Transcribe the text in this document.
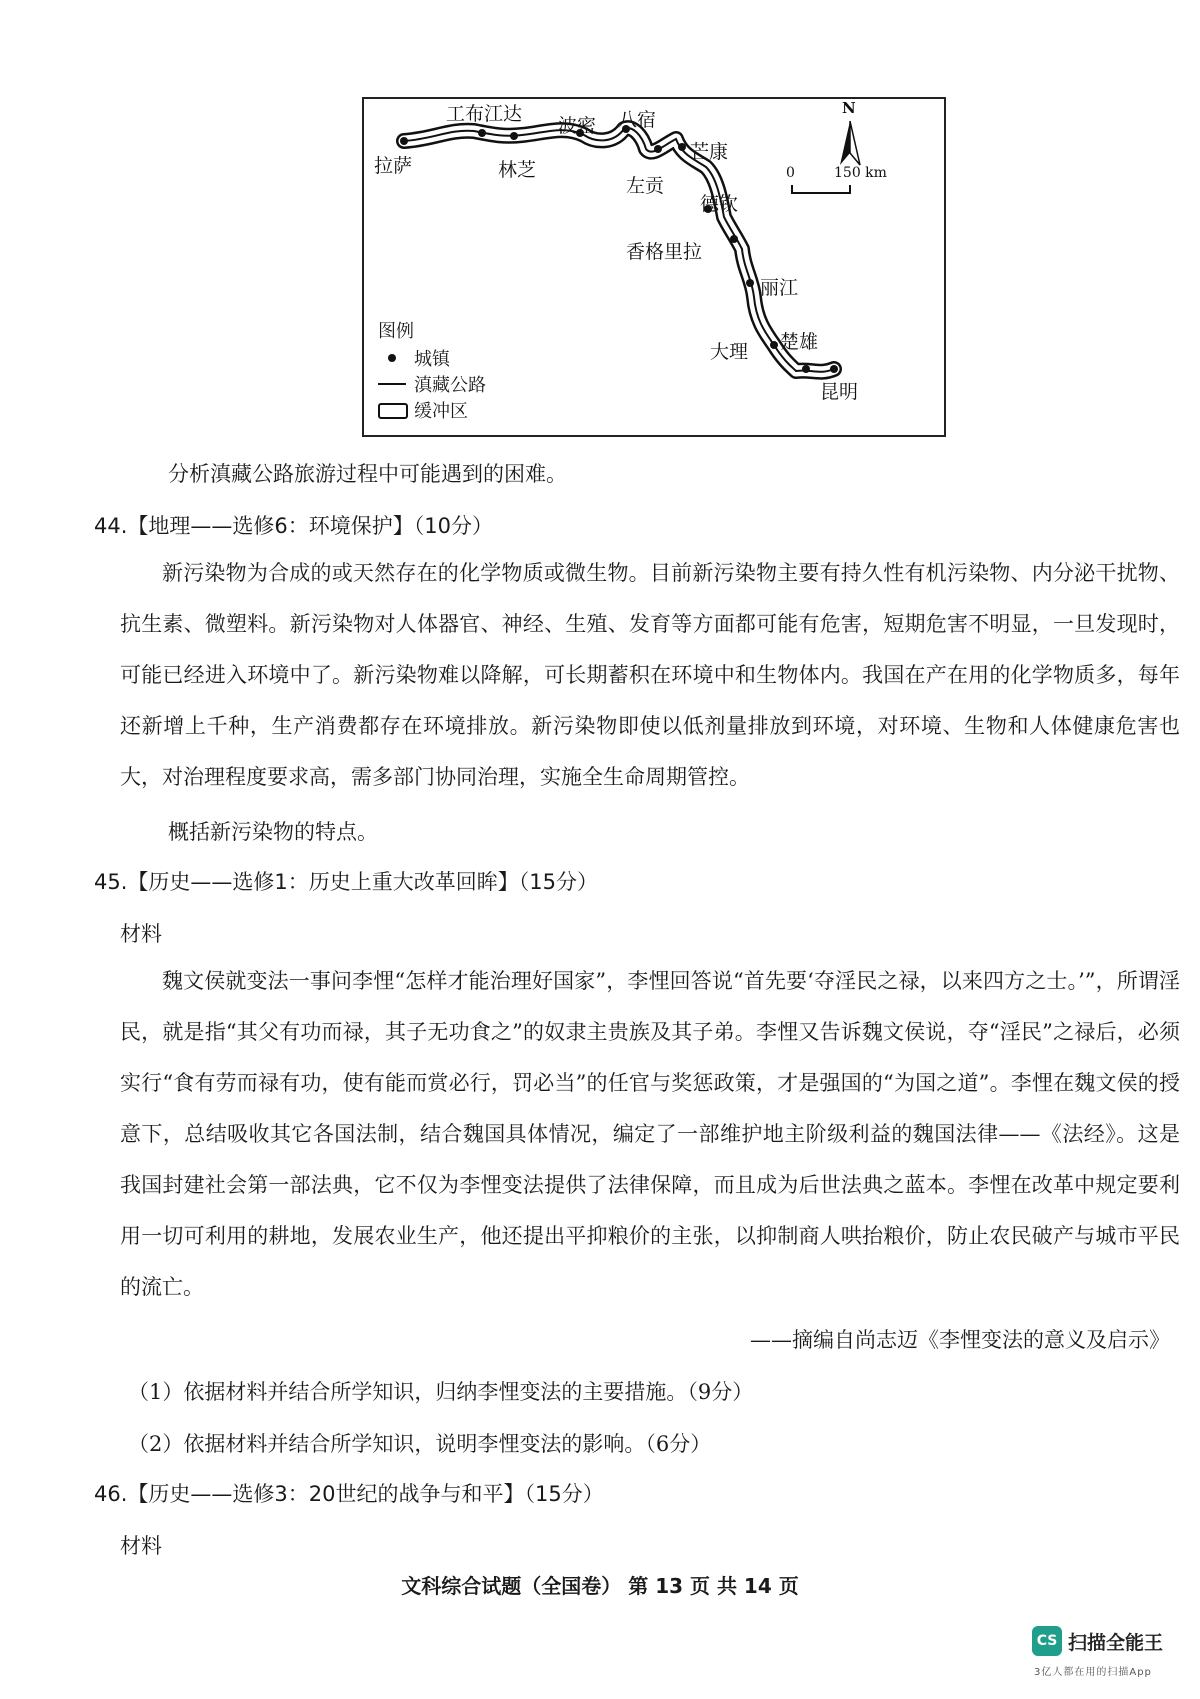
拉萨
工布江达
林芝
波密 八宿
芒康
左贡
德钦
香格里拉
丽江
大理 楚雄
昆明
N
0	150 km
图例
城镇
滇藏公路
缓冲区
分析滇藏公路旅游过程中可能遇到的困难。
44.【地理——选修6：环境保护】（10分）
新污染物为合成的或天然存在的化学物质或微生物。目前新污染物主要有持久性有机污染物、内分泌干扰物、抗生素、微塑料。新污染物对人体器官、神经、生殖、发育等方面都可能有危害，短期危害不明显，一旦发现时，可能已经进入环境中了。新污染物难以降解，可长期蓄积在环境中和生物体内。我国在产在用的化学物质多，每年还新增上千种，生产消费都存在环境排放。新污染物即使以低剂量排放到环境，对环境、生物和人体健康危害也大，对治理程度要求高，需多部门协同治理，实施全生命周期管控。
概括新污染物的特点。
45.【历史——选修1：历史上重大改革回眸】（15分）
材料
魏文侯就变法一事问李悝“怎样才能治理好国家”，李悝回答说“首先要‘夺淫民之禄，以来四方之士。’”，所谓淫民，就是指“其父有功而禄，其子无功食之”的奴隶主贵族及其子弟。李悝又告诉魏文侯说，夺“淫民”之禄后，必须实行“食有劳而禄有功，使有能而赏必行，罚必当”的任官与奖惩政策，才是强国的“为国之道”。李悝在魏文侯的授意下，总结吸收其它各国法制，结合魏国具体情况，编定了一部维护地主阶级利益的魏国法律——《法经》。这是我国封建社会第一部法典，它不仅为李悝变法提供了法律保障，而且成为后世法典之蓝本。李悝在改革中规定要利用一切可利用的耕地，发展农业生产，他还提出平抑粮价的主张，以抑制商人哄抬粮价，防止农民破产与城市平民的流亡。
——摘编自尚志迈《李悝变法的意义及启示》
（1）依据材料并结合所学知识，归纳李悝变法的主要措施。（9分）
（2）依据材料并结合所学知识，说明李悝变法的影响。（6分）
46.【历史——选修3：20世纪的战争与和平】（15分）
材料
文科综合试题（全国卷） 第 13 页 共 14 页
CS 扫描全能王
3亿人都在用的扫描App
